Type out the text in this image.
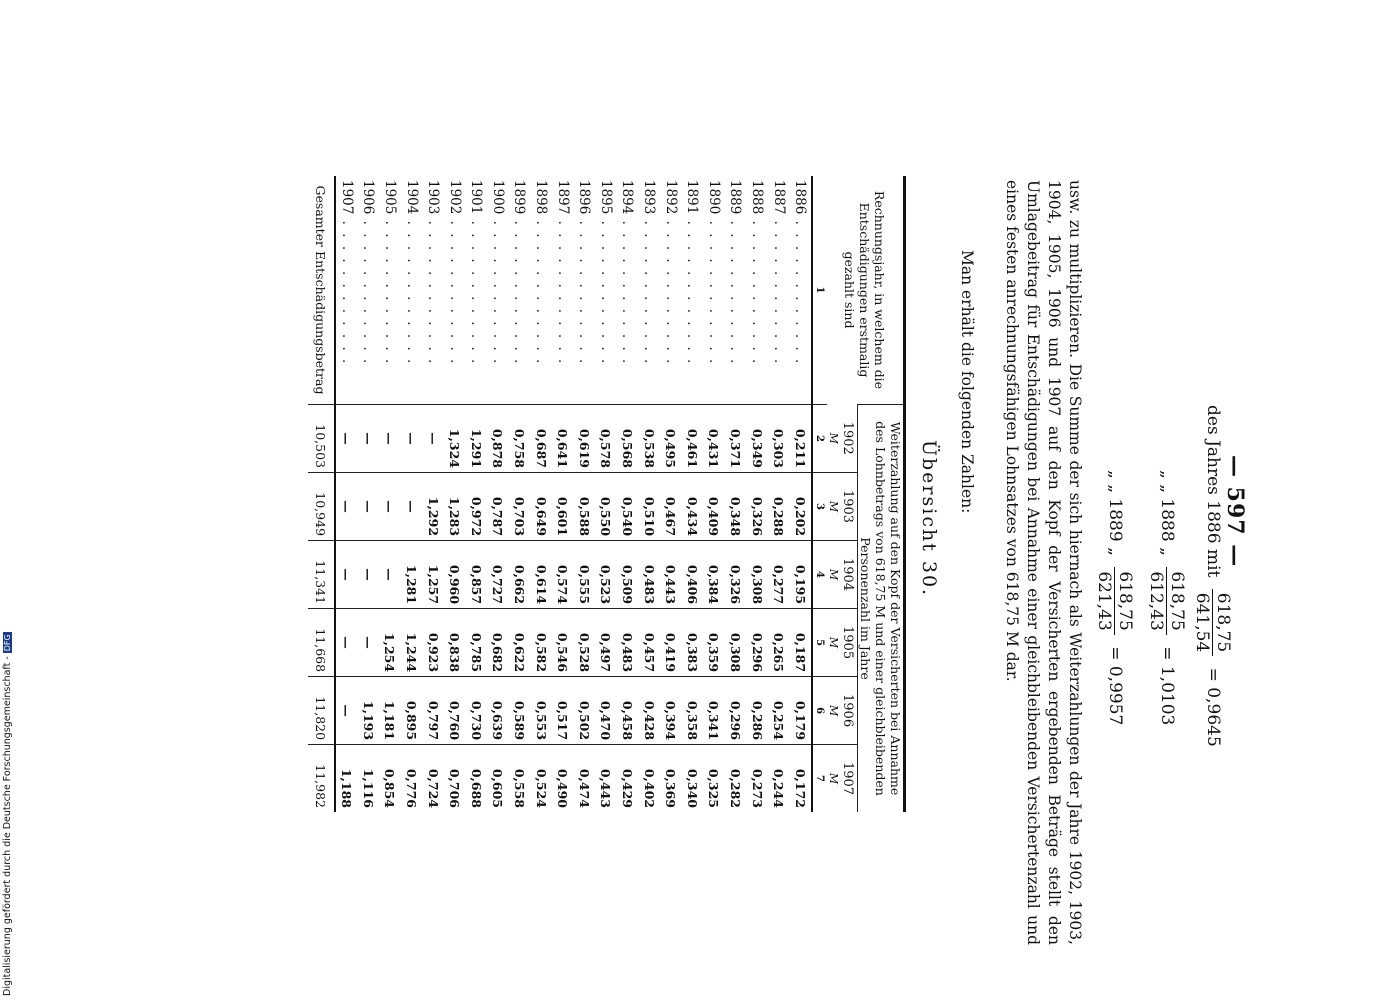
— 597 —
des Jahres 1886 mit
618,75
641,54
= 0,9645
„ „ 1888 „
618,75
612,43
= 1,0103
„ „ 1889 „
618,75
621,43
= 0,9957
usw. zu multiplizieren. Die Summe der sich hiernach als Weiterzahlungen der Jahre 1902, 1903, 1904, 1905, 1906 und 1907 auf den Kopf der Versicherten ergebenden Beträge stellt den Umlagebeitrag für Entschädigungen bei Annahme einer gleichbleibenden Versichertenzahl und eines festen anrechnungsfähigen Lohnsatzes von 618,75 M dar.
Man erhält die folgenden Zahlen:
Übersicht 30.
Rechnungsjahr, in welchem die Entschädigungen erstmalig gezahlt sind	Weiterzahlung auf den Kopf der Versicherten bei Annahme des Lohnbetrags von 618,75 M und einer gleichbleibenden Personenzahl im Jahre					
	1902	1903	1904	1905	1906	1907
	M	M	M	M	M	M
1	2	3	4	5	6	7
1886 . . . . . . . . . . . .	0,211	0,202	0,195	0,187	0,179	0,172
1887 . . . . . . . . . . . .	0,303	0,288	0,277	0,265	0,254	0,244
1888 . . . . . . . . . . . .	0,349	0,326	0,308	0,296	0,286	0,273
1889 . . . . . . . . . . . .	0,371	0,348	0,326	0,308	0,296	0,282
1890 . . . . . . . . . . . .	0,431	0,409	0,384	0,359	0,341	0,325
1891 . . . . . . . . . . . .	0,461	0,434	0,406	0,383	0,358	0,340
1892 . . . . . . . . . . . .	0,495	0,467	0,443	0,419	0,394	0,369
1893 . . . . . . . . . . . .	0,538	0,510	0,483	0,457	0,428	0,402
1894 . . . . . . . . . . . .	0,568	0,540	0,509	0,483	0,458	0,429
1895 . . . . . . . . . . . .	0,578	0,550	0,523	0,497	0,470	0,443
1896 . . . . . . . . . . . .	0,619	0,588	0,555	0,528	0,502	0,474
1897 . . . . . . . . . . . .	0,641	0,601	0,574	0,546	0,517	0,490
1898 . . . . . . . . . . . .	0,687	0,649	0,614	0,582	0,553	0,524
1899 . . . . . . . . . . . .	0,758	0,703	0,662	0,622	0,589	0,558
1900 . . . . . . . . . . . .	0,878	0,787	0,727	0,682	0,639	0,605
1901 . . . . . . . . . . . .	1,291	0,972	0,857	0,785	0,730	0,688
1902 . . . . . . . . . . . .	1,324	1,283	0,960	0,838	0,760	0,706
1903 . . . . . . . . . . . .	—	1,292	1,257	0,923	0,797	0,724
1904 . . . . . . . . . . . .	—	—	1,281	1,244	0,895	0,776
1905 . . . . . . . . . . . .	—	—	—	1,254	1,181	0,854
1906 . . . . . . . . . . . .	—	—	—	—	1,193	1,116
1907 . . . . . . . . . . . .	—	—	—	—	—	1,188
Gesamter Entschädigungsbetrag	10,503	10,949	11,341	11,668	11,820	11,982
Digitalisierung gefördert durch die Deutsche Forschungsgemeinschaft -DFG
